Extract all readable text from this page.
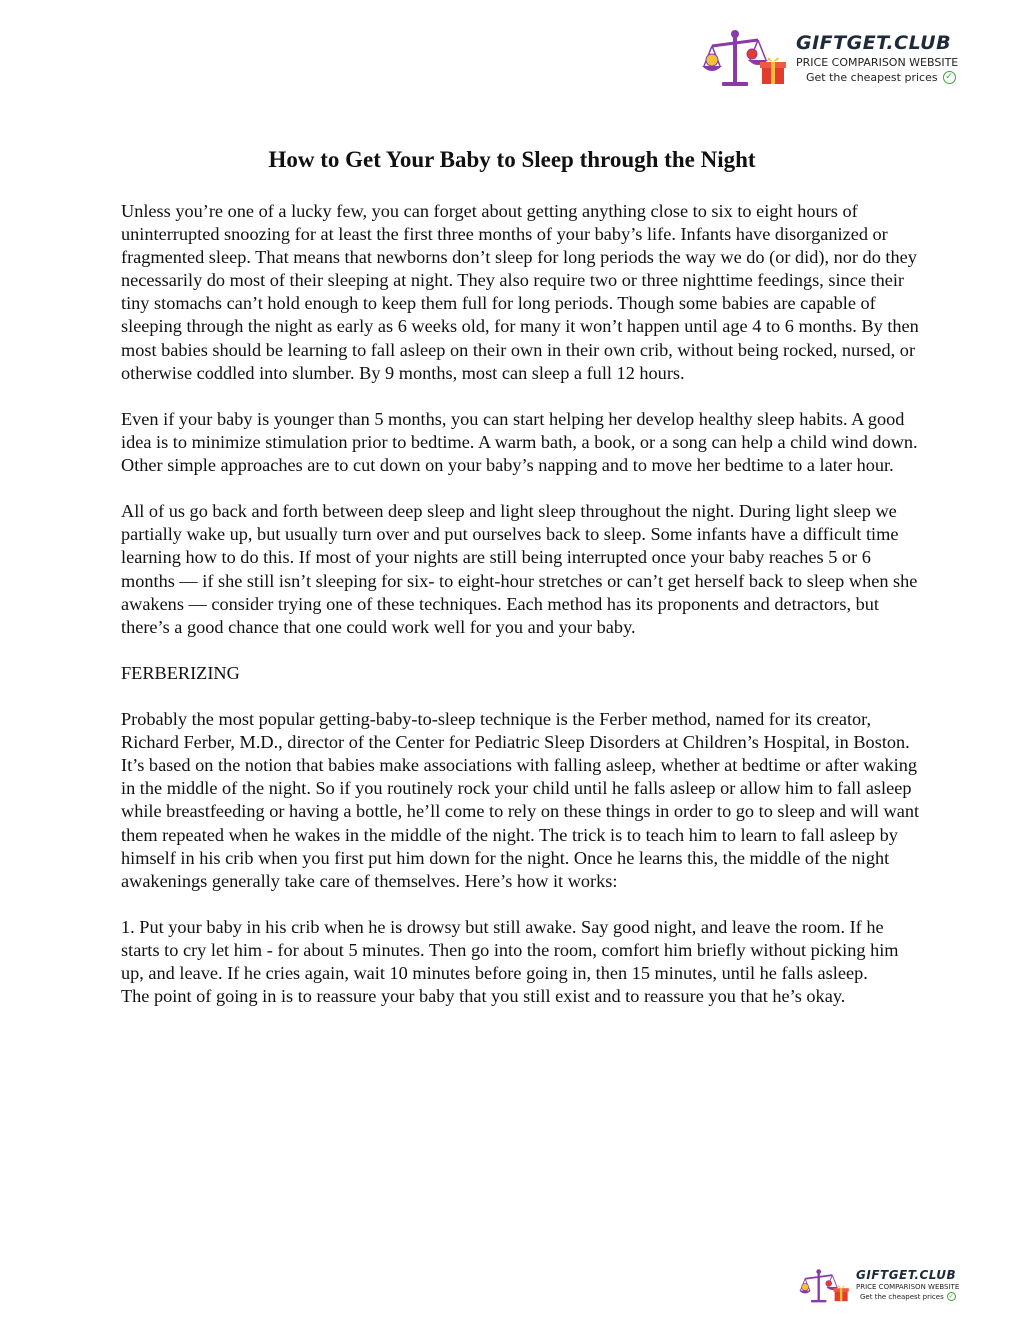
GIFTGET.CLUB
PRICE COMPARISON WEBSITE
Get the cheapest prices ✓
How to Get Your Baby to Sleep through the Night

Unless you’re one of a lucky few, you can forget about getting anything close to six to eight hours of uninterrupted snoozing for at least the first three months of your baby’s life. Infants have disorganized or fragmented sleep. That means that newborns don’t sleep for long periods the way we do (or did), nor do they necessarily do most of their sleeping at night. They also require two or three nighttime feedings, since their tiny stomachs can’t hold enough to keep them full for long periods. Though some babies are capable of sleeping through the night as early as 6 weeks old, for many it won’t happen until age 4 to 6 months. By then most babies should be learning to fall asleep on their own in their own crib, without being rocked, nursed, or otherwise coddled into slumber. By 9 months, most can sleep a full 12 hours.

Even if your baby is younger than 5 months, you can start helping her develop healthy sleep habits. A good idea is to minimize stimulation prior to bedtime. A warm bath, a book, or a song can help a child wind down. Other simple approaches are to cut down on your baby’s napping and to move her bedtime to a later hour.

All of us go back and forth between deep sleep and light sleep throughout the night. During light sleep we partially wake up, but usually turn over and put ourselves back to sleep. Some infants have a difficult time learning how to do this. If most of your nights are still being interrupted once your baby reaches 5 or 6 months — if she still isn’t sleeping for six- to eight-hour stretches or can’t get herself back to sleep when she awakens — consider trying one of these techniques. Each method has its proponents and detractors, but there’s a good chance that one could work well for you and your baby.

FERBERIZING

Probably the most popular getting-baby-to-sleep technique is the Ferber method, named for its creator, Richard Ferber, M.D., director of the Center for Pediatric Sleep Disorders at Children’s Hospital, in Boston. It’s based on the notion that babies make associations with falling asleep, whether at bedtime or after waking in the middle of the night. So if you routinely rock your child until he falls asleep or allow him to fall asleep while breastfeeding or having a bottle, he’ll come to rely on these things in order to go to sleep and will want them repeated when he wakes in the middle of the night. The trick is to teach him to learn to fall asleep by himself in his crib when you first put him down for the night. Once he learns this, the middle of the night awakenings generally take care of themselves. Here’s how it works:

1. Put your baby in his crib when he is drowsy but still awake. Say good night, and leave the room. If he starts to cry let him - for about 5 minutes. Then go into the room, comfort him briefly without picking him up, and leave. If he cries again, wait 10 minutes before going in, then 15 minutes, until he falls asleep.

The point of going in is to reassure your baby that you still exist and to reassure you that he’s okay.

GIFTGET.CLUB
PRICE COMPARISON WEBSITE
Get the cheapest prices ✓
